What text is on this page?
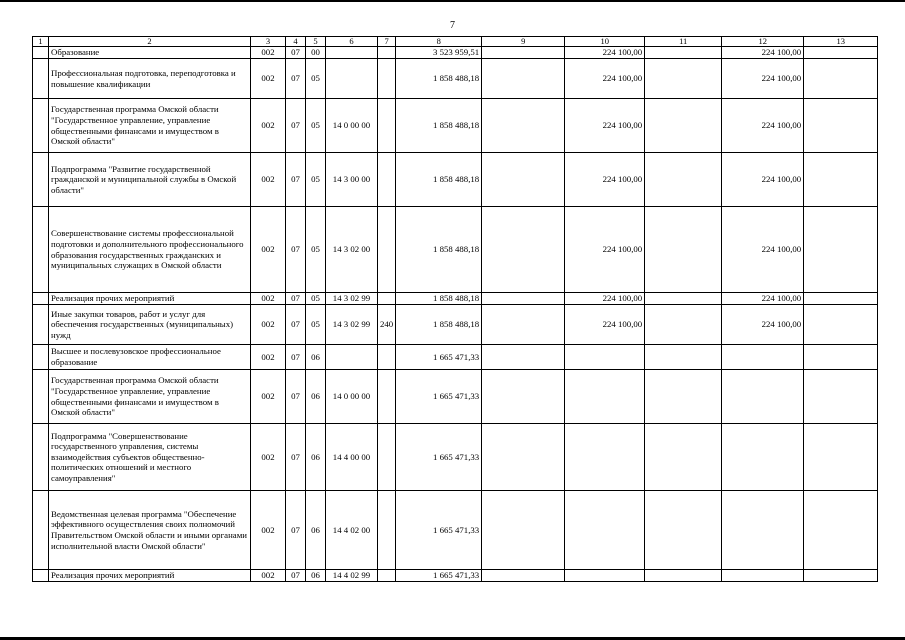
7
1	2	3	4	5	6	7	8	9	10	11	12	13
	Образование	002	07	00			3 523 959,51		224 100,00		224 100,00	
	Профессиональная подготовка, переподготовка и повышение квалификации	002	07	05			1 858 488,18		224 100,00		224 100,00	
	Государственная программа Омской области "Государственное управление, управление общественными финансами и имуществом в Омской области"	002	07	05	14 0 00 00		1 858 488,18		224 100,00		224 100,00	
	Подпрограмма "Развитие государственной гражданской и муниципальной службы в Омской области"	002	07	05	14 3 00 00		1 858 488,18		224 100,00		224 100,00	
	Совершенствование системы профессиональной подготовки и дополнительного профессионального образования государственных гражданских и муниципальных служащих в Омской области	002	07	05	14 3 02 00		1 858 488,18		224 100,00		224 100,00	
	Реализация прочих мероприятий	002	07	05	14 3 02 99		1 858 488,18		224 100,00		224 100,00	
	Иные закупки товаров, работ и услуг для обеспечения государственных (муниципальных) нужд	002	07	05	14 3 02 99	240	1 858 488,18		224 100,00		224 100,00	
	Высшее и послевузовское профессиональное образование	002	07	06			1 665 471,33					
	Государственная программа Омской области "Государственное управление, управление общественными финансами и имуществом в Омской области"	002	07	06	14 0 00 00		1 665 471,33					
	Подпрограмма "Совершенствование государственного управления, системы взаимодействия субъектов общественно-политических отношений и местного самоуправления"	002	07	06	14 4 00 00		1 665 471,33					
	Ведомственная целевая программа "Обеспечение эффективного осуществления своих полномочий Правительством Омской области и иными органами исполнительной власти Омской области"	002	07	06	14 4 02 00		1 665 471,33					
	Реализация прочих мероприятий	002	07	06	14 4 02 99		1 665 471,33					
